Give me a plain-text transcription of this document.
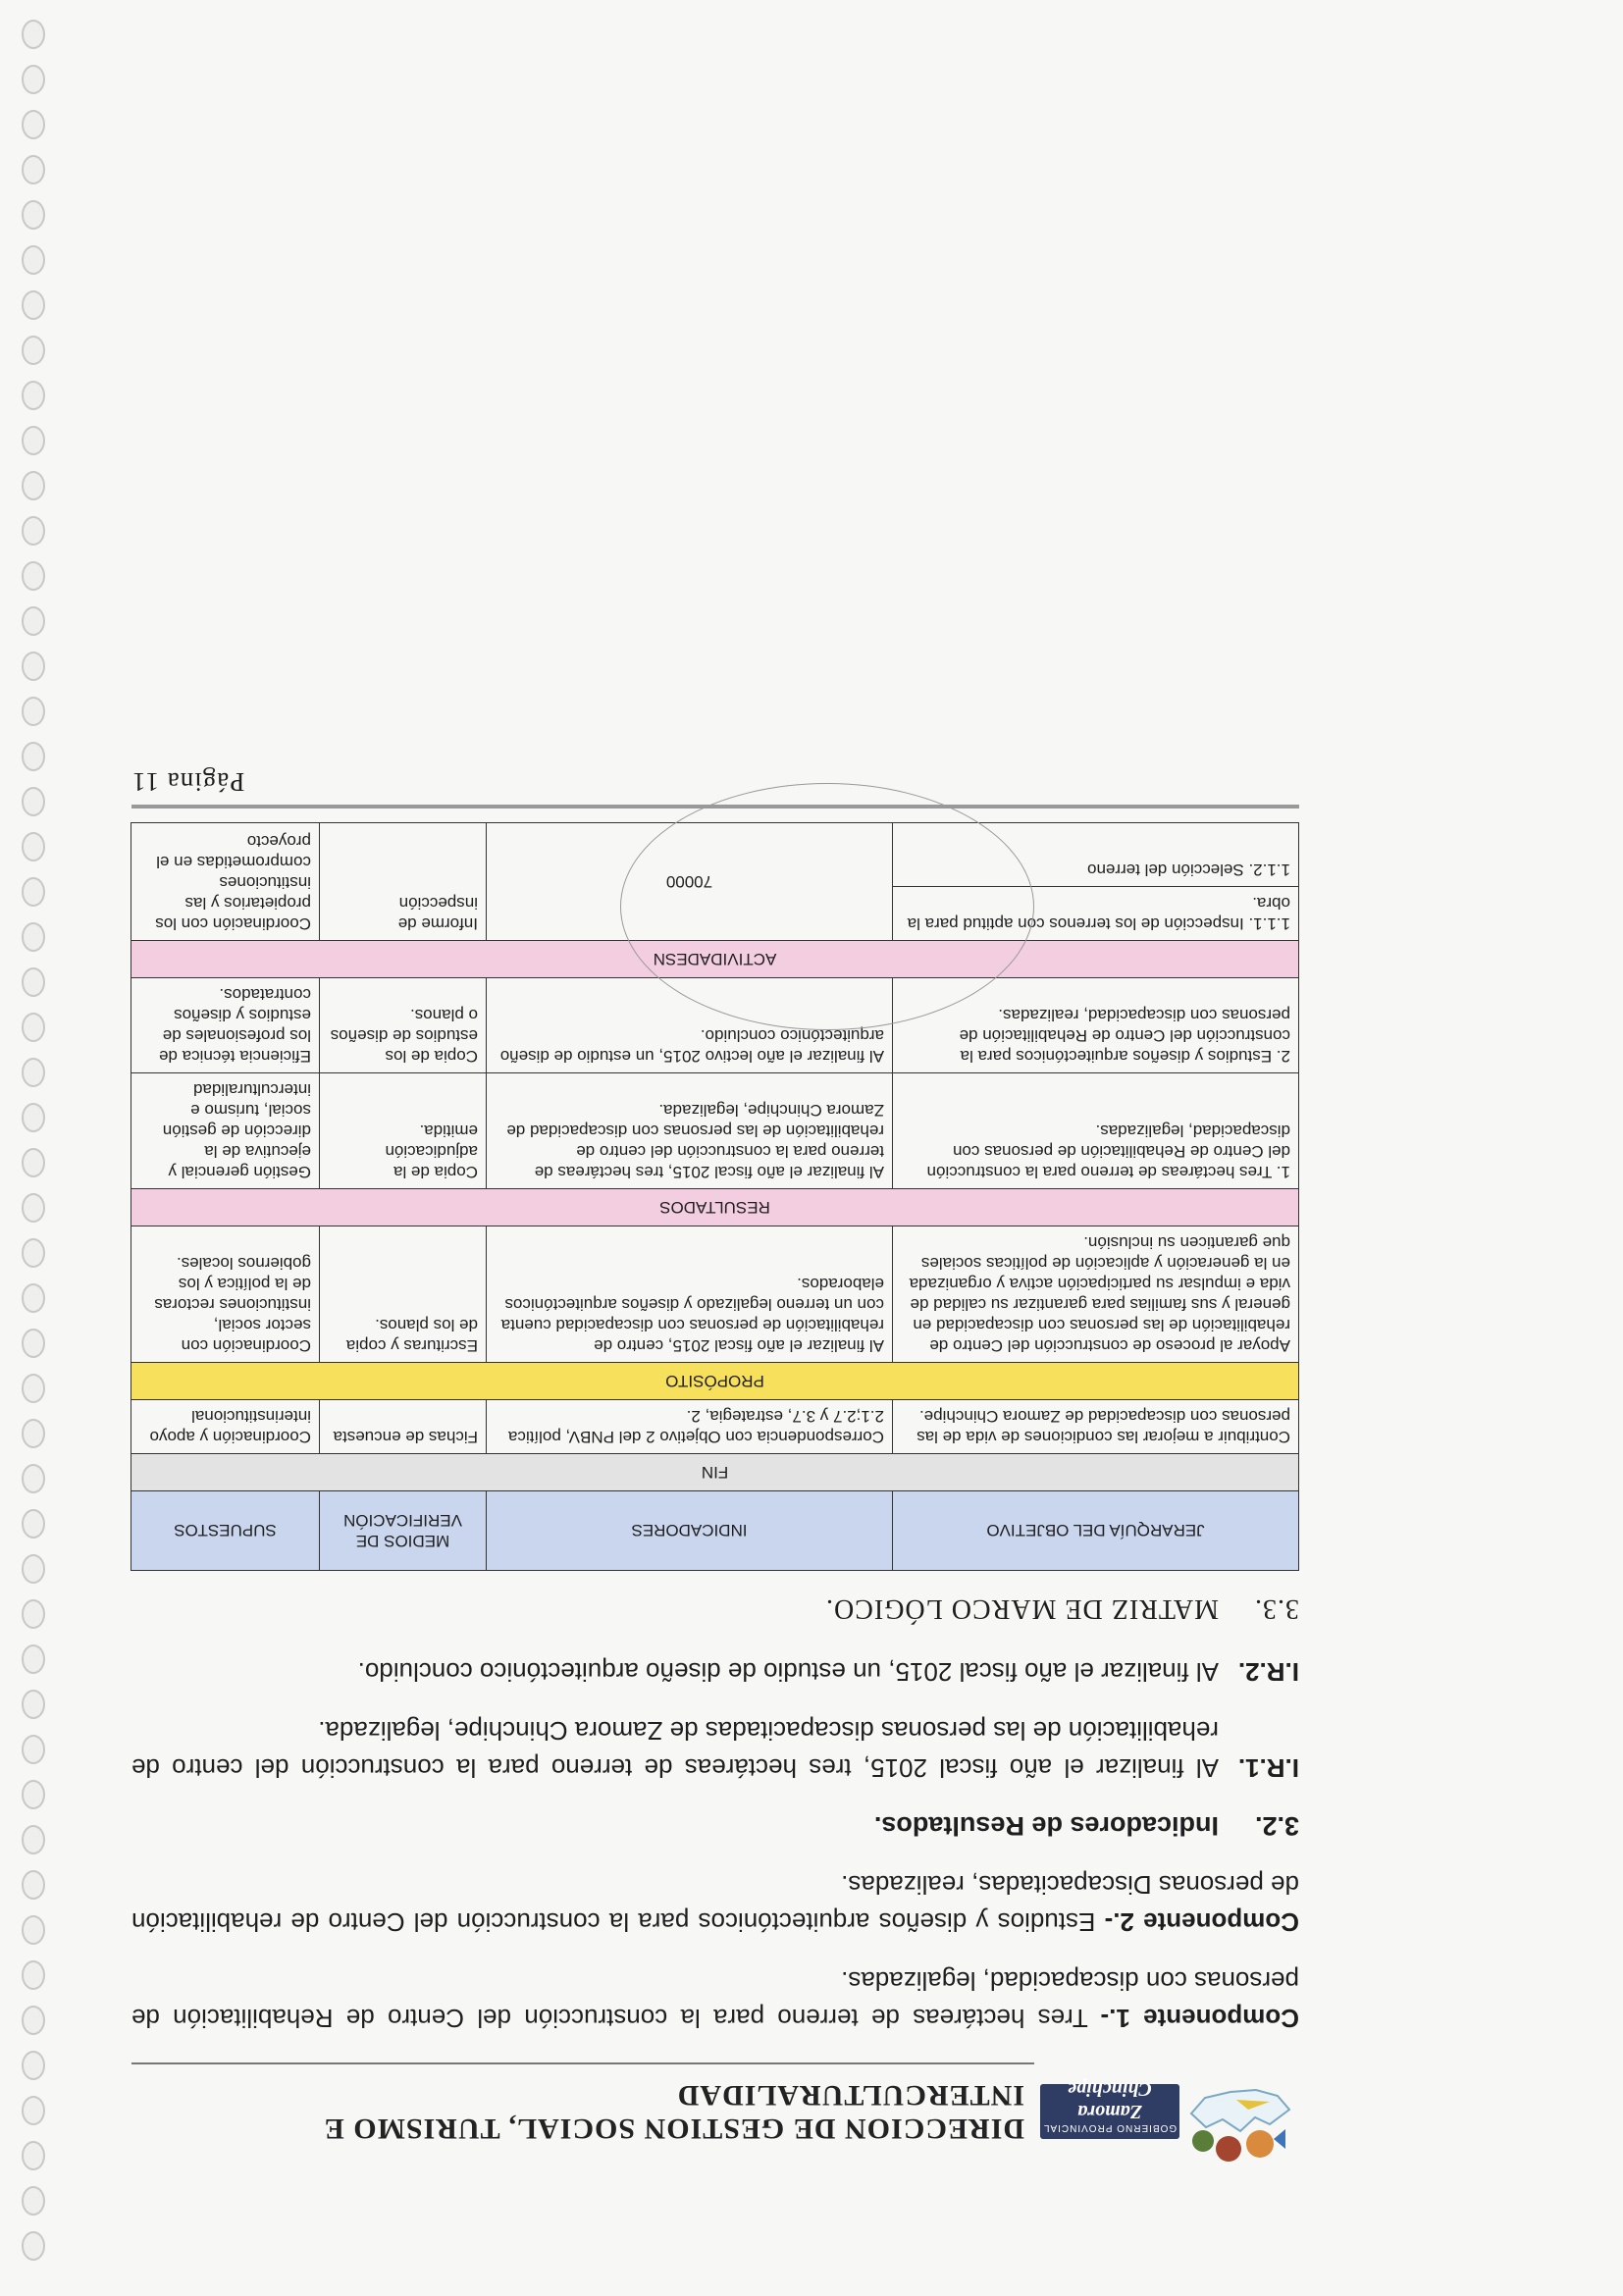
GOBIERNO PROVINCIAL
Zamora Chinchipe
DIRECCION DE GESTION SOCIAL, TURISMO E INTERCULTURALIDAD

Componente 1.- Tres hectáreas de terreno para la construcción del Centro de Rehabilitación de personas con discapacidad, legalizadas.

Componente 2.- Estudios y diseños arquitectónicos para la construcción del Centro de rehabilitación de personas Discapacitadas, realizadas.

3.2.Indicadores de Resultados.
I.R.1.
Al finalizar el año fiscal 2015, tres hectáreas de terreno para la construcción del centro de rehabilitación de las personas discapacitadas de Zamora Chinchipe, legalizada.
I.R.2.
Al finalizar el año fiscal 2015, un estudio de diseño arquitectónico concluido.
3.3.MATRIZ DE MARCO LÓGICO.
JERARQUÍA DEL OBJETIVO	INDICADORES	MEDIOS DE VERIFICACIÓN	SUPUESTOS
FIN			
Contribuir a mejorar las condiciones de vida de las personas con discapacidad de Zamora Chinchipe.	Correspondencia con Objetivo 2 del PNBV, política 2.1;2.7 y 3.7, estrategia, 2.	Fichas de encuesta	Coordinación y apoyo interinstitucional
PROPÓSITO			
Apoyar al proceso de construcción del Centro de rehabilitación de las personas con discapacidad en general y sus familias para garantizar su calidad de vida e impulsar su participación activa y organizada en la generación y aplicación de políticas sociales que garanticen su inclusión.	Al finalizar el año fiscal 2015, centro de rehabilitación de personas con discapacidad cuenta con un terreno legalizado y diseños arquitectónicos elaborados.	Escrituras y copia de los planos.	Coordinación con sector social, instituciones rectoras de la política y los gobiernos locales.
RESULTADOS			
1. Tres hectáreas de terreno para la construcción del Centro de Rehabilitación de personas con discapacidad, legalizadas.	Al finalizar el año fiscal 2015, tres hectáreas de terreno para la construcción del centro de rehabilitación de las personas con discapacidad de Zamora Chinchipe, legalizada.	Copia de la adjudicación emitida.	Gestión gerencial y ejecutiva de la dirección de gestión social, turismo e interculturalidad
2. Estudios y diseños arquitectónicos para la construcción del Centro de Rehabilitación de personas con discapacidad, realizadas.	Al finalizar el año lectivo 2015, un estudio de diseño arquitectónico concluido.	Copia de los estudios de diseños o planos.	Eficiencia técnica de los profesionales de estudios y diseños contratados.
ACTIVIDADESN			
1.1.1. Inspección de los terrenos con aptitud para la obra.	70000	Informe de inspección	Coordinación con los propietarios y las instituciones comprometidas en el proyecto
1.1.2. Selección del terreno			
Página 11
